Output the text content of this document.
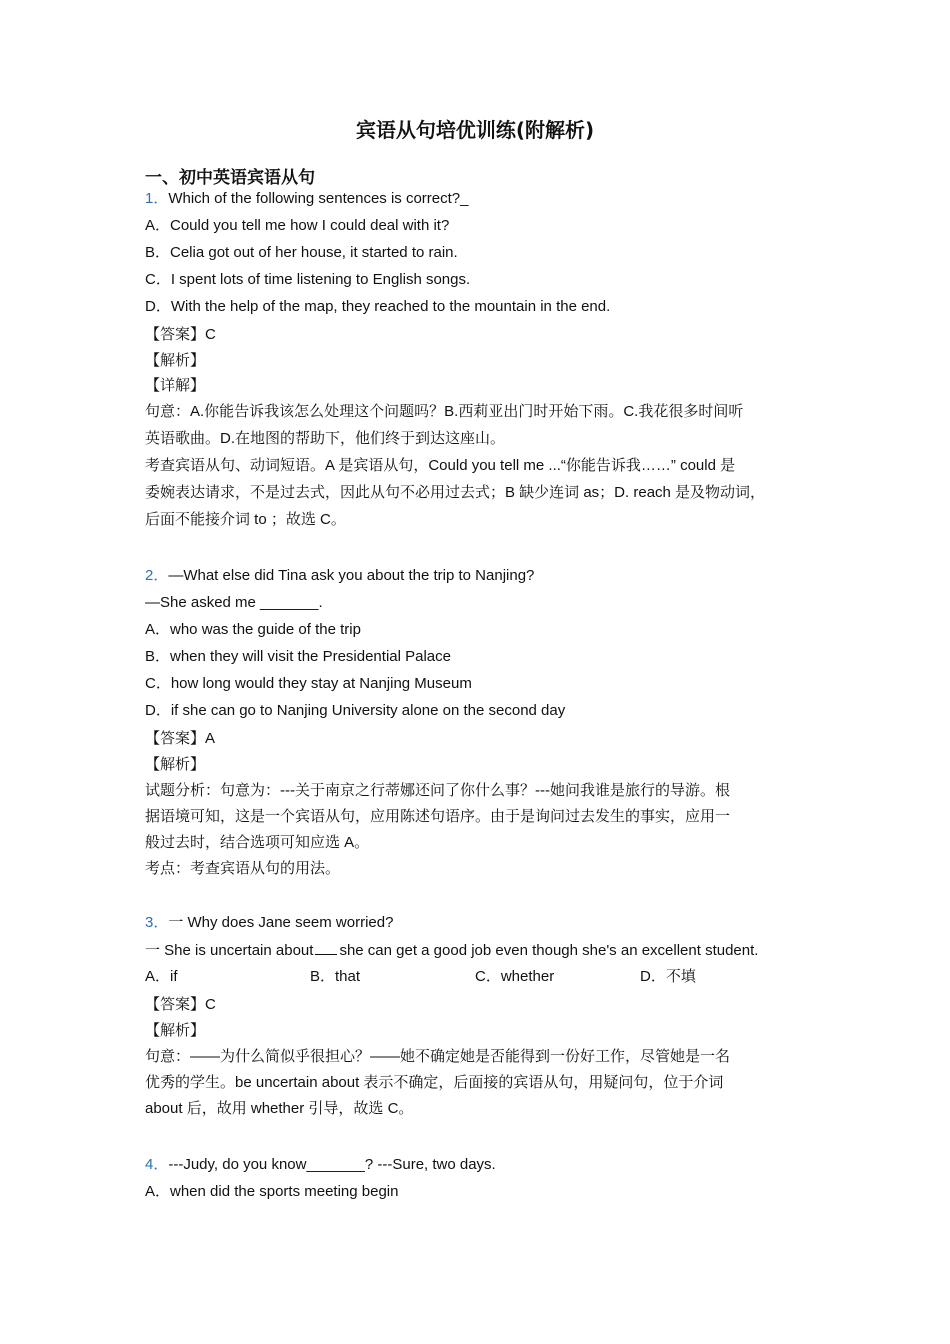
宾语从句培优训练(附解析)
一、初中英语宾语从句
1．Which of the following sentences is correct?_
A．Could you tell me how I could deal with it?
B．Celia got out of her house, it started to rain.
C．I spent lots of time listening to English songs.
D．With the help of the map, they reached to the mountain in the end.
【答案】C
【解析】
【详解】
句意：A.你能告诉我该怎么处理这个问题吗？B.西莉亚出门时开始下雨。C.我花很多时间听
英语歌曲。D.在地图的帮助下，他们终于到达这座山。
考查宾语从句、动词短语。A 是宾语从句，Could you tell me ...“你能告诉我……” could 是
委婉表达请求，不是过去式，因此从句不必用过去式；B 缺少连词 as；D. reach 是及物动词，
后面不能接介词 to ；故选 C。
2．—What else did Tina ask you about the trip to Nanjing?
—She asked me _______.
A．who was the guide of the trip
B．when they will visit the Presidential Palace
C．how long would they stay at Nanjing Museum
D．if she can go to Nanjing University alone on the second day
【答案】A
【解析】
试题分析：句意为：---关于南京之行蒂娜还问了你什么事？---她问我谁是旅行的导游。根
据语境可知，这是一个宾语从句，应用陈述句语序。由于是询问过去发生的事实，应用一
般过去时，结合选项可知应选 A。
考点：考查宾语从句的用法。
3．一 Why does Jane seem worried?
一 She is uncertain about she can get a good job even though she's an excellent student.
A．if	B．that	C．whether	D．不填
【答案】C
【解析】
句意：——为什么简似乎很担心？——她不确定她是否能得到一份好工作，尽管她是一名
优秀的学生。be uncertain about 表示不确定，后面接的宾语从句，用疑问句，位于介词
about 后，故用 whether 引导，故选 C。
4．---Judy, do you know_______? ---Sure, two days.
A．when did the sports meeting begin
